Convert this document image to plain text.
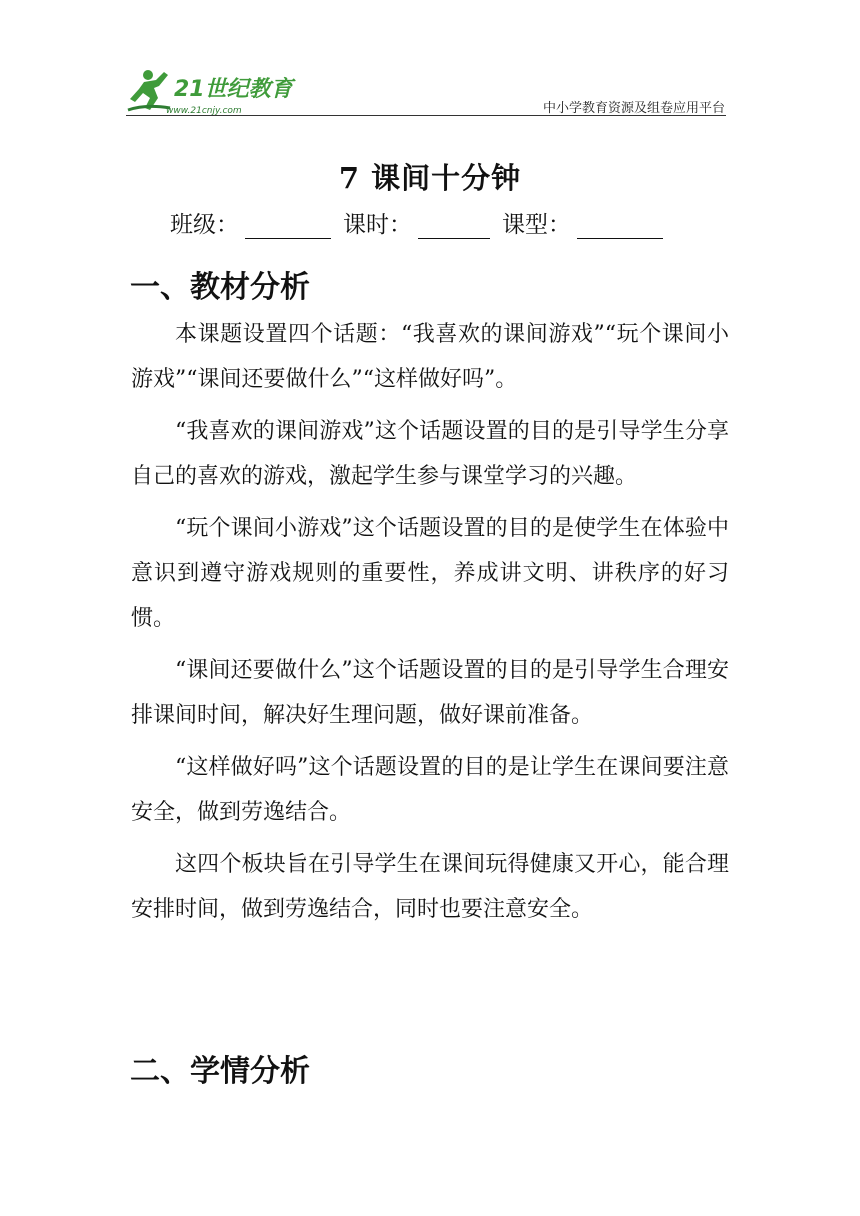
21世纪教育
www.21cnjy.com	中小学教育资源及组卷应用平台
7 课间十分钟
班级：	课时：	课型：
一、教材分析

本课题设置四个话题：“我喜欢的课间游戏”“玩个课间小游戏”“课间还要做什么”“这样做好吗”。

“我喜欢的课间游戏”这个话题设置的目的是引导学生分享自己的喜欢的游戏，激起学生参与课堂学习的兴趣。

“玩个课间小游戏”这个话题设置的目的是使学生在体验中意识到遵守游戏规则的重要性，养成讲文明、讲秩序的好习惯。

“课间还要做什么”这个话题设置的目的是引导学生合理安排课间时间，解决好生理问题，做好课前准备。

“这样做好吗”这个话题设置的目的是让学生在课间要注意安全，做到劳逸结合。

这四个板块旨在引导学生在课间玩得健康又开心，能合理安排时间，做到劳逸结合，同时也要注意安全。

二、学情分析
